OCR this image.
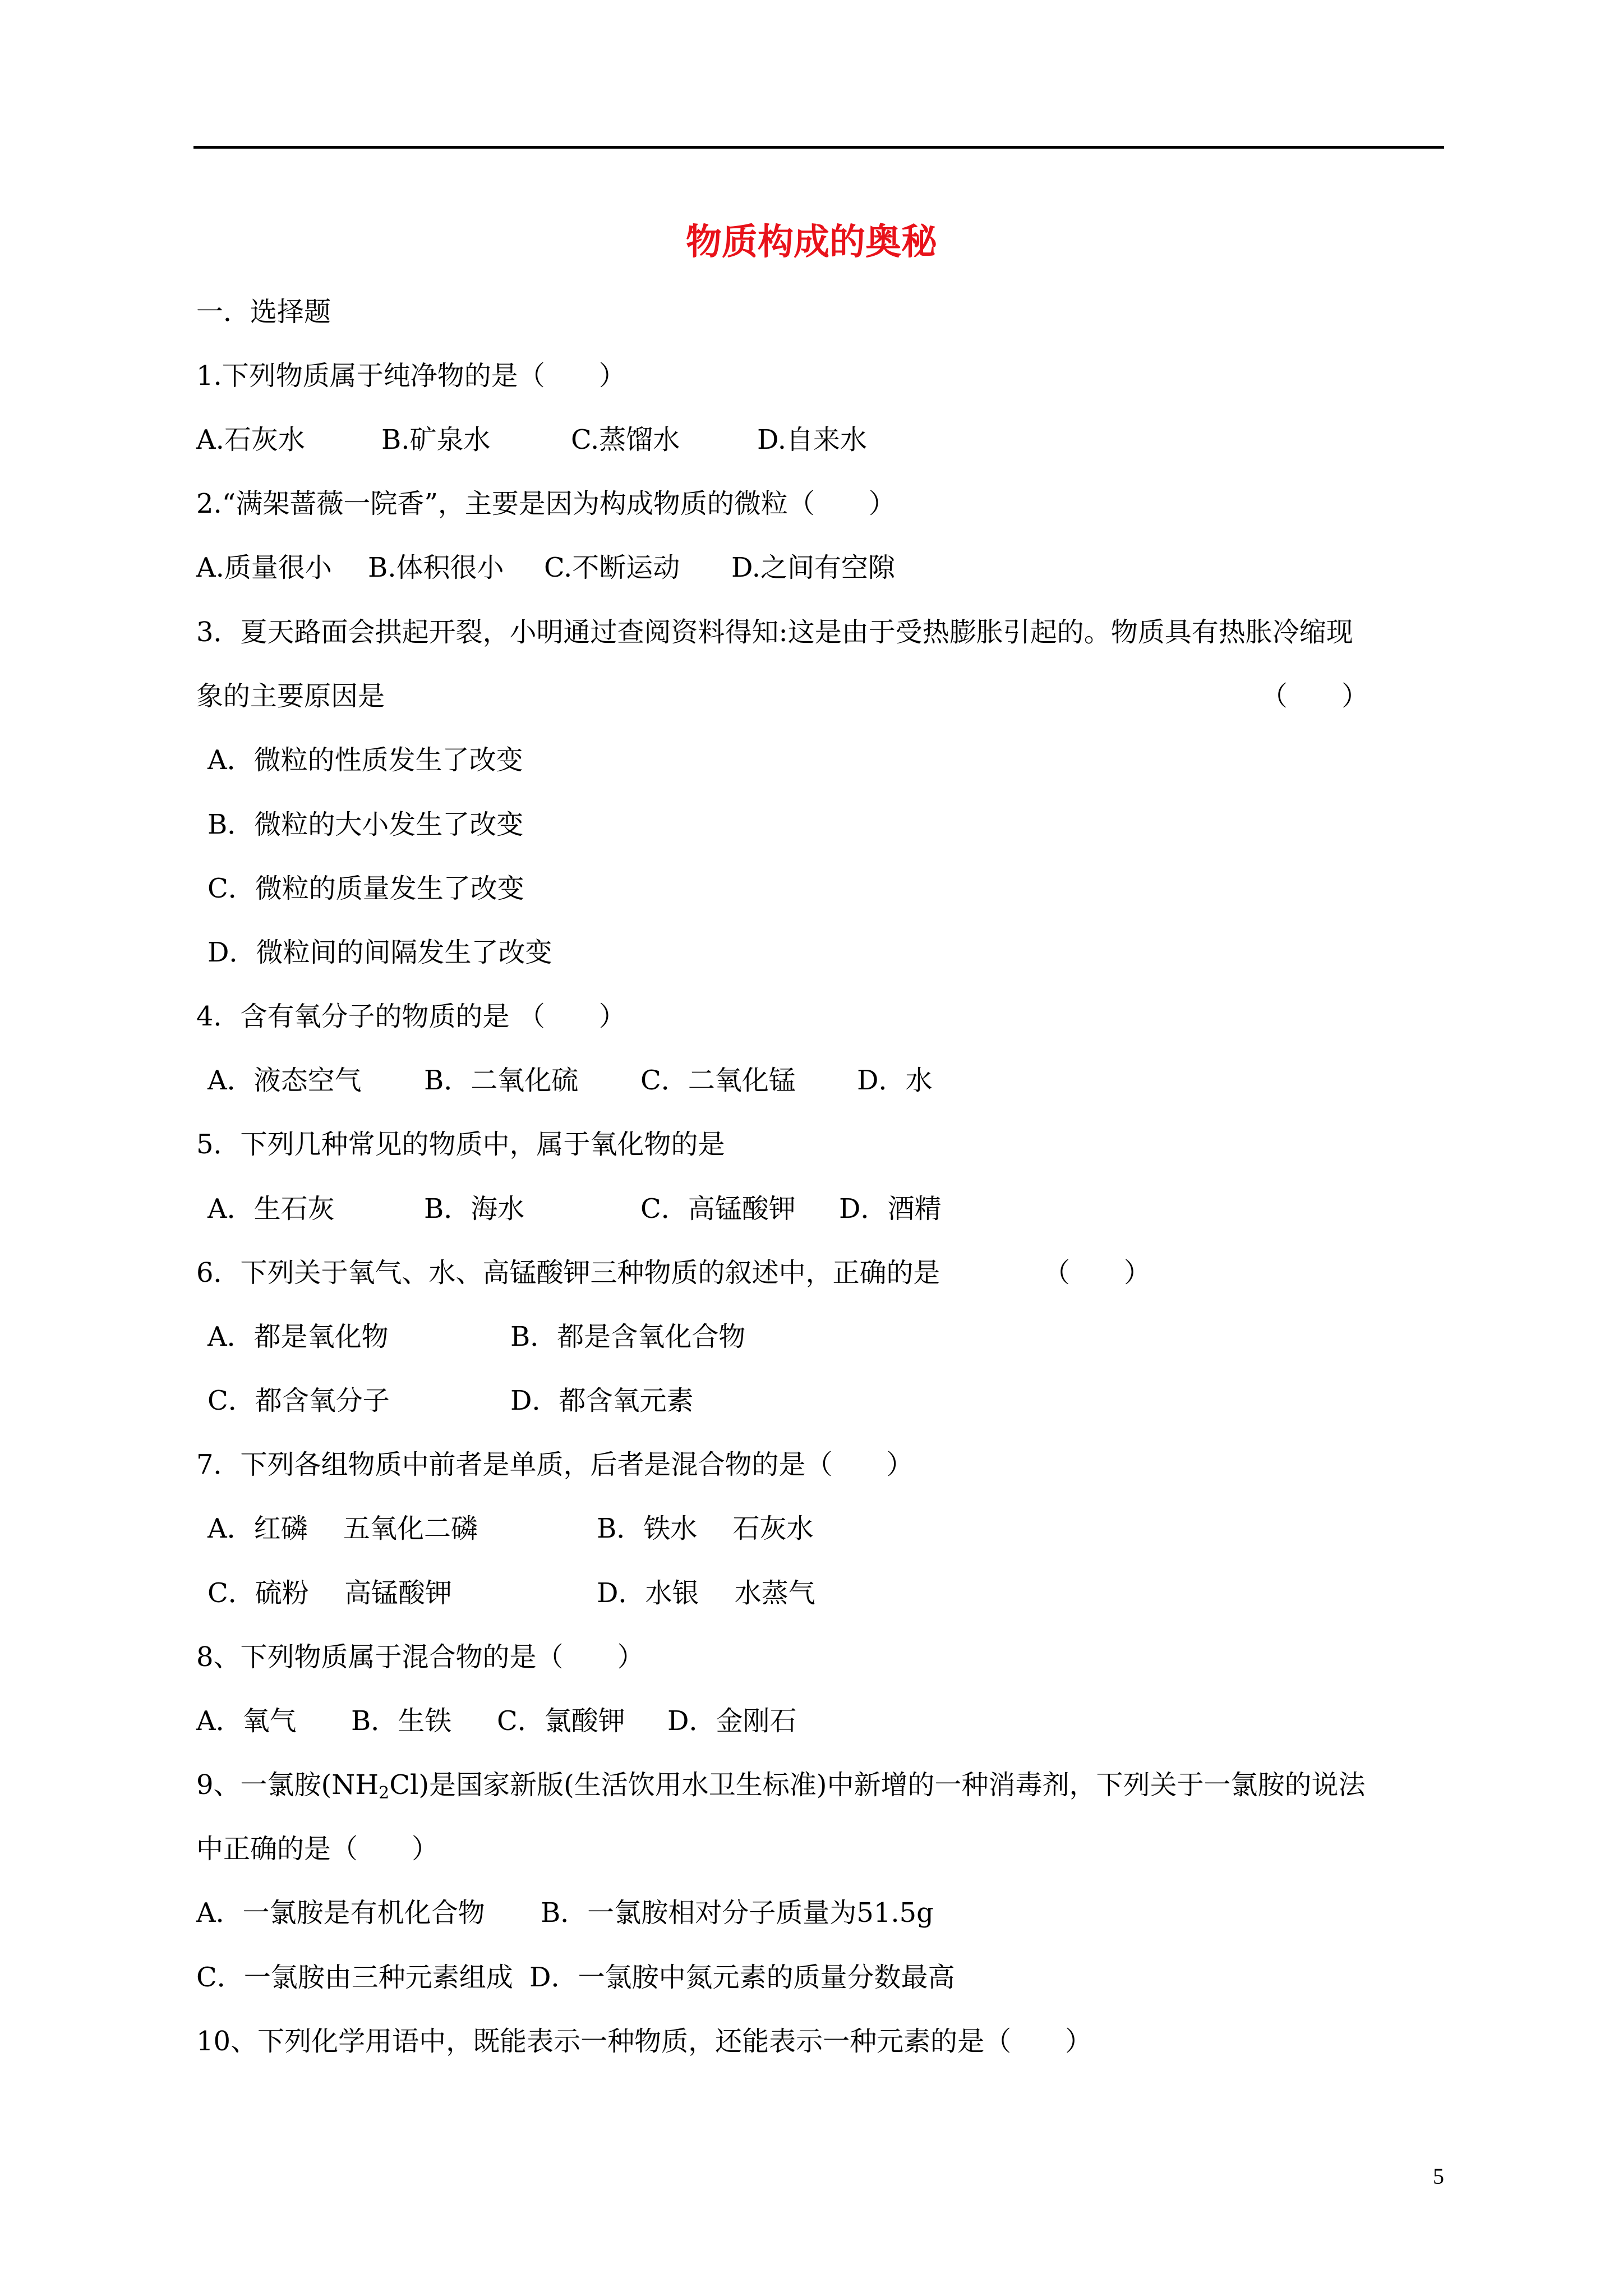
物质构成的奥秘
一．选择题
1.下列物质属于纯净物的是（　　）
A.石灰水	B.矿泉水	C.蒸馏水	D.自来水
2.“满架蔷薇一院香”，主要是因为构成物质的微粒（　　）
A.质量很小 B.体积很小 C.不断运动 D.之间有空隙
3．夏天路面会拱起开裂，小明通过查阅资料得知:这是由于受热膨胀引起的。物质具有热胀冷缩现
象的主要原因是	（　　）
A．微粒的性质发生了改变
B．微粒的大小发生了改变
C．微粒的质量发生了改变
D．微粒间的间隔发生了改变
4．含有氧分子的物质的是 （　　）
A．液态空气 B．二氧化硫 C．二氧化锰 D．水
5．下列几种常见的物质中，属于氧化物的是
A．生石灰	B．海水	C．高锰酸钾 D．酒精
6．下列关于氧气、水、高锰酸钾三种物质的叙述中，正确的是	（　　）
A．都是氧化物	B．都是含氧化合物
C．都含氧分子	D．都含氧元素
7．下列各组物质中前者是单质，后者是混合物的是（　　）
A．红磷　 五氧化二磷	B．铁水　 石灰水
C．硫粉　 高锰酸钾	D．水银　 水蒸气
8、下列物质属于混合物的是（　　）
A．氧气 B．生铁 C．氯酸钾 D．金刚石
9、一氯胺$(NH_2Cl)$是国家新版(生活饮用水卫生标准)中新增的一种消毒剂，下列关于一氯胺的说法
中正确的是（　　）
A．一氯胺是有机化合物 B．一氯胺相对分子质量为51.5g
C．一氯胺由三种元素组成 D．一氯胺中氮元素的质量分数最高
10、下列化学用语中，既能表示一种物质，还能表示一种元素的是（　　）
5
